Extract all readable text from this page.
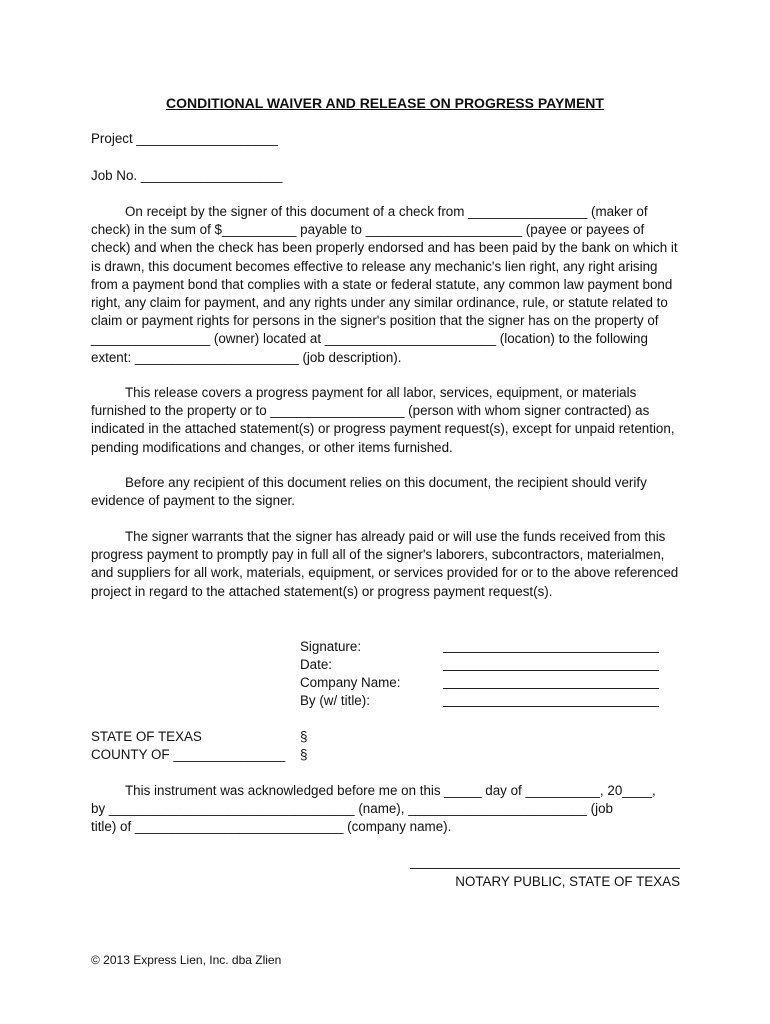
CONDITIONAL WAIVER AND RELEASE ON PROGRESS PAYMENT
Project ___________________
Job No. ___________________
On receipt by the signer of this document of a check from ________________ (maker of check) in the sum of $__________ payable to _____________________ (payee or payees of check) and when the check has been properly endorsed and has been paid by the bank on which it is drawn, this document becomes effective to release any mechanic's lien right, any right arising from a payment bond that complies with a state or federal statute, any common law payment bond right, any claim for payment, and any rights under any similar ordinance, rule, or statute related to claim or payment rights for persons in the signer's position that the signer has on the property of ________________ (owner) located at _______________________ (location) to the following extent: ______________________ (job description).
This release covers a progress payment for all labor, services, equipment, or materials furnished to the property or to __________________ (person with whom signer contracted) as indicated in the attached statement(s) or progress payment request(s), except for unpaid retention, pending modifications and changes, or other items furnished.
Before any recipient of this document relies on this document, the recipient should verify evidence of payment to the signer.
The signer warrants that the signer has already paid or will use the funds received from this progress payment to promptly pay in full all of the signer's laborers, subcontractors, materialmen, and suppliers for all work, materials, equipment, or services provided for or to the above referenced project in regard to the attached statement(s) or progress payment request(s).
Signature:
Date:
Company Name:
By (w/ title):
STATE OF TEXAS
COUNTY OF _______________
§
§
This instrument was acknowledged before me on this _____ day of __________, 20____,
by _________________________________ (name), ________________________ (job
title) of ____________________________ (company name).
NOTARY PUBLIC, STATE OF TEXAS
© 2013 Express Lien, Inc. dba Zlien
